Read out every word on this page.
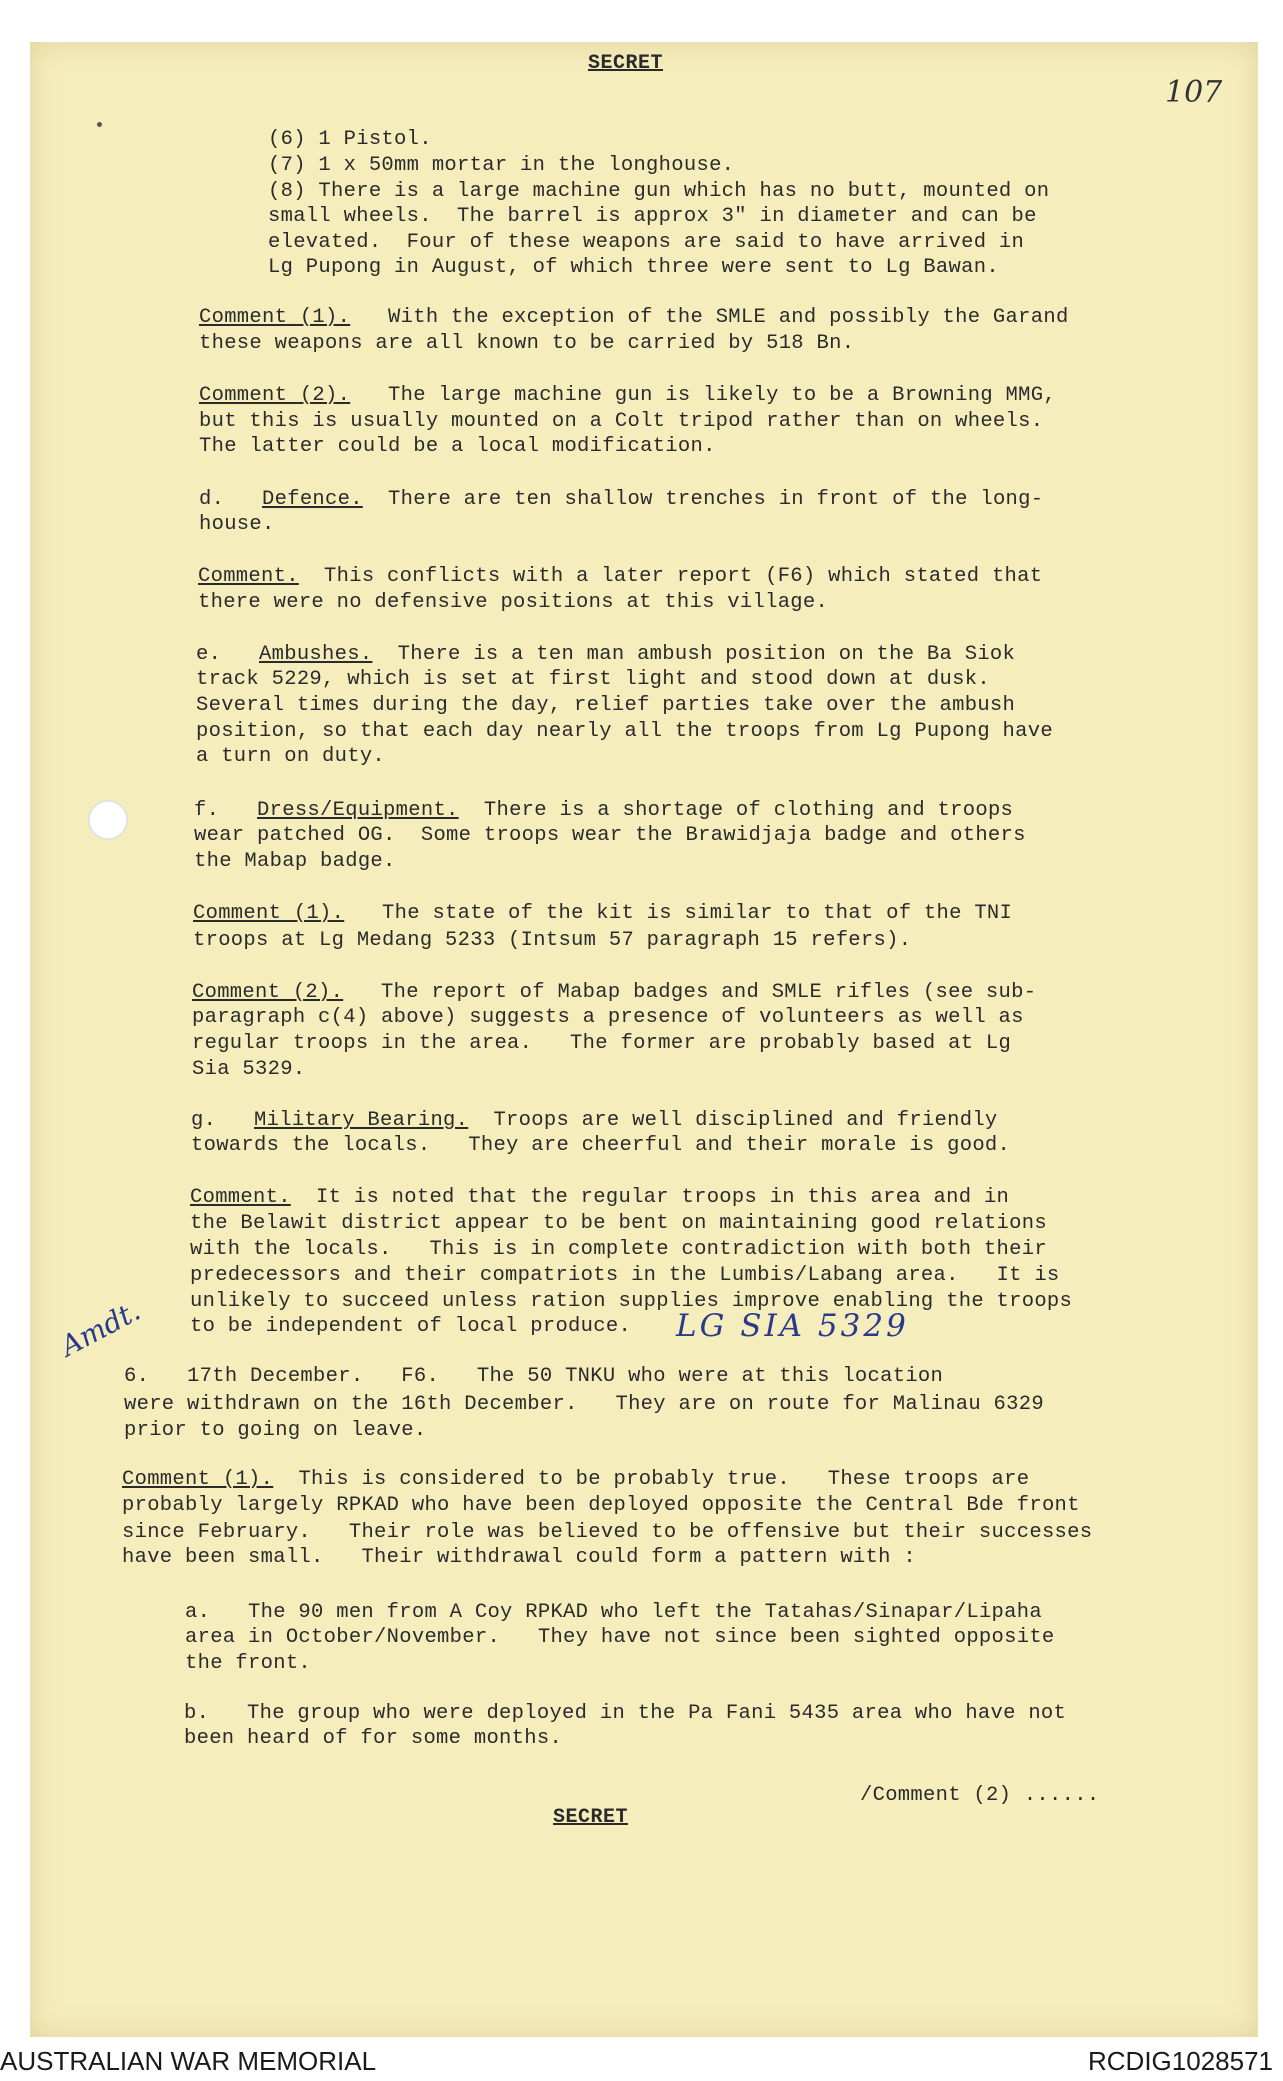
SECRET
107
(6) 1 Pistol.
(7) 1 x 50mm mortar in the longhouse.
(8) There is a large machine gun which has no butt, mounted on
small wheels.  The barrel is approx 3" in diameter and can be
elevated.  Four of these weapons are said to have arrived in
Lg Pupong in August, of which three were sent to Lg Bawan.
Comment (1).   With the exception of the SMLE and possibly the Garand
these weapons are all known to be carried by 518 Bn.
Comment (2).   The large machine gun is likely to be a Browning MMG,
but this is usually mounted on a Colt tripod rather than on wheels.
The latter could be a local modification.
d.   Defence.  There are ten shallow trenches in front of the long-
house.
Comment.  This conflicts with a later report (F6) which stated that
there were no defensive positions at this village.
e.   Ambushes.  There is a ten man ambush position on the Ba Siok
track 5229, which is set at first light and stood down at dusk.
Several times during the day, relief parties take over the ambush
position, so that each day nearly all the troops from Lg Pupong have
a turn on duty.
f.   Dress/Equipment.  There is a shortage of clothing and troops
wear patched OG.  Some troops wear the Brawidjaja badge and others
the Mabap badge.
Comment (1).   The state of the kit is similar to that of the TNI
troops at Lg Medang 5233 (Intsum 57 paragraph 15 refers).
Comment (2).   The report of Mabap badges and SMLE rifles (see sub-
paragraph c(4) above) suggests a presence of volunteers as well as
regular troops in the area.   The former are probably based at Lg
Sia 5329.
g.   Military Bearing.  Troops are well disciplined and friendly
towards the locals.   They are cheerful and their morale is good.
Comment.  It is noted that the regular troops in this area and in
the Belawit district appear to be bent on maintaining good relations
with the locals.   This is in complete contradiction with both their
predecessors and their compatriots in the Lumbis/Labang area.   It is
unlikely to succeed unless ration supplies improve enabling the troops
to be independent of local produce.
6.   17th December.   F6.   The 50 TNKU who were at this location
were withdrawn on the 16th December.   They are on route for Malinau 6329
prior to going on leave.
Comment (1).  This is considered to be probably true.   These troops are
probably largely RPKAD who have been deployed opposite the Central Bde front
since February.   Their role was believed to be offensive but their successes
have been small.   Their withdrawal could form a pattern with :
a.   The 90 men from A Coy RPKAD who left the Tatahas/Sinapar/Lipaha
area in October/November.   They have not since been sighted opposite
the front.
b.   The group who were deployed in the Pa Fani 5435 area who have not
been heard of for some months.
/Comment (2) ......
Amdt.	LG SIA 5329
SECRET
AUSTRALIAN WAR MEMORIAL	RCDIG1028571
